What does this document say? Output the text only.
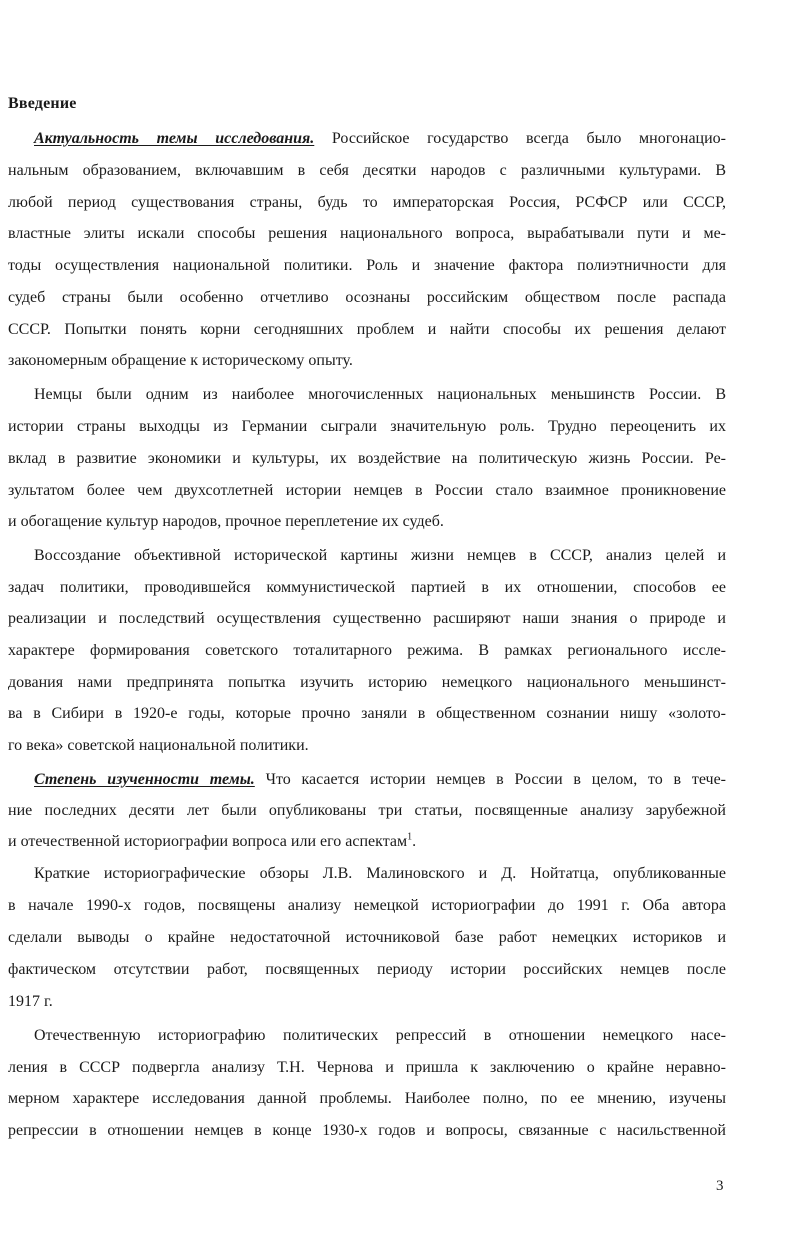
Введение
Актуальность темы исследования. Российское государство всегда было многонацио-
нальным образованием, включавшим в себя десятки народов с различными культурами. В
любой период существования страны, будь то императорская Россия, РСФСР или СССР,
властные элиты искали способы решения национального вопроса, вырабатывали пути и ме-
тоды осуществления национальной политики. Роль и значение фактора полиэтничности для
судеб страны были особенно отчетливо осознаны российским обществом после распада
СССР. Попытки понять корни сегодняшних проблем и найти способы их решения делают
закономерным обращение к историческому опыту.
Немцы были одним из наиболее многочисленных национальных меньшинств России. В
истории страны выходцы из Германии сыграли значительную роль. Трудно переоценить их
вклад в развитие экономики и культуры, их воздействие на политическую жизнь России. Ре-
зультатом более чем двухсотлетней истории немцев в России стало взаимное проникновение
и обогащение культур народов, прочное переплетение их судеб.
Воссоздание объективной исторической картины жизни немцев в СССР, анализ целей и
задач политики, проводившейся коммунистической партией в их отношении, способов ее
реализации и последствий осуществления существенно расширяют наши знания о природе и
характере формирования советского тоталитарного режима. В рамках регионального иссле-
дования нами предпринята попытка изучить историю немецкого национального меньшинст-
ва в Сибири в 1920-е годы, которые прочно заняли в общественном сознании нишу «золото-
го века» советской национальной политики.
Степень изученности темы. Что касается истории немцев в России в целом, то в тече-
ние последних десяти лет были опубликованы три статьи, посвященные анализу зарубежной
и отечественной историографии вопроса или его аспектам$^1$.
Краткие историографические обзоры Л.В. Малиновского и Д. Нойтатца, опубликованные
в начале 1990-х годов, посвящены анализу немецкой историографии до 1991 г. Оба автора
сделали выводы о крайне недостаточной источниковой базе работ немецких историков и
фактическом отсутствии работ, посвященных периоду истории российских немцев после
1917 г.
Отечественную историографию политических репрессий в отношении немецкого насе-
ления в СССР подвергла анализу Т.Н. Чернова и пришла к заключению о крайне неравно-
мерном характере исследования данной проблемы. Наиболее полно, по ее мнению, изучены
репрессии в отношении немцев в конце 1930-х годов и вопросы, связанные с насильственной
3
